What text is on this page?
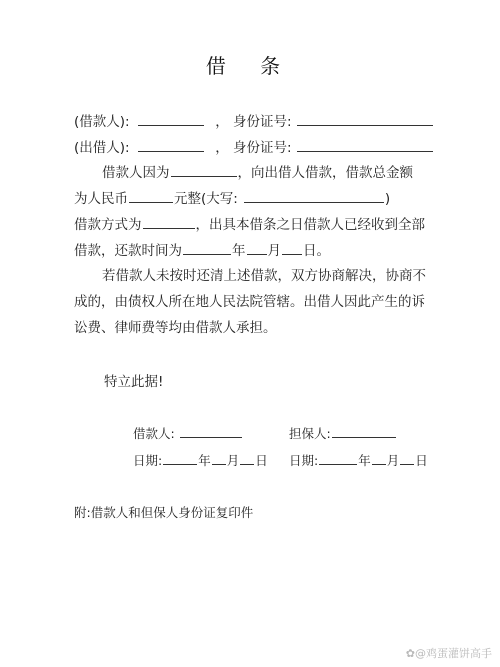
借 条
(借款人):	， 身份证号:
(出借人):	， 身份证号:
借款人因为	，向出借人借款，借款总金额
为人民币	元整(大写:	)
借款方式为	，出具本借条之日借款人已经收到全部
借款，还款时间为	年 月 日。
若借款人未按时还清上述借款，双方协商解决，协商不
成的，由债权人所在地人民法院管辖。出借人因此产生的诉
讼费、律师费等均由借款人承担。
特立此据!
借款人:	担保人:
日期:	年 月 日 日期:	年 月 日
附:借款人和但保人身份证复印件
✿@鸡蛋灌饼高手
